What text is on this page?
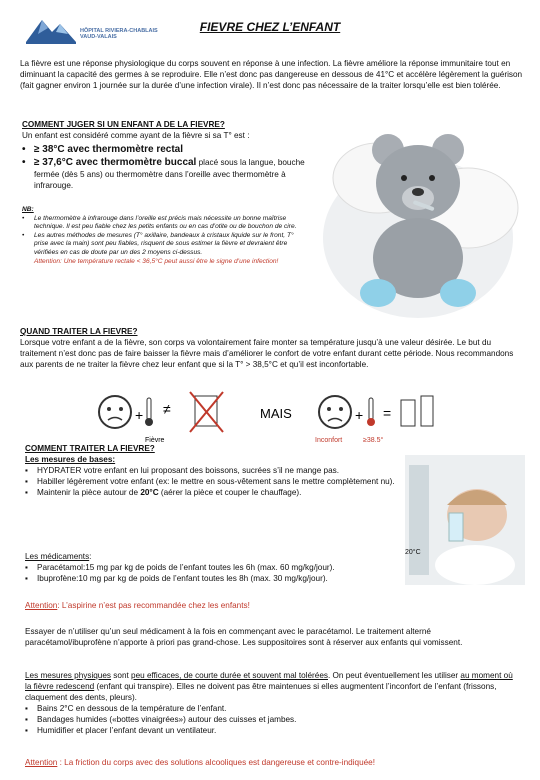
HÔPITAL RIVIERA-CHABLAIS
VAUD-VALAIS
FIEVRE CHEZ L’ENFANT

La fièvre est une réponse physiologique du corps souvent en réponse à une infection. La fièvre améliore la réponse immunitaire tout en diminuant la capacité des germes à se reproduire. Elle n’est donc pas dangereuse en dessous de 41°C et accélère légèrement la guérison (fait gagner environ 1 journée sur la durée d’une infection virale). Il n’est donc pas nécessaire de la traiter lorsqu’elle est bien tolérée.

COMMENT JUGER SI UN ENFANT A DE LA FIEVRE?
Un enfant est considéré comme ayant de la fièvre si sa T° est :
• ≥ 38°C avec thermomètre rectal
• ≥ 37,6°C avec thermomètre buccal placé sous la langue, bouche fermée (dès 5 ans) ou thermomètre dans l’oreille avec thermomètre à infrarouge.
NB:
•	Le thermomètre à infrarouge dans l’oreille est précis mais nécessite un bonne maîtrise technique. Il est peu fiable chez les petits enfants ou en cas d’otite ou de bouchon de cire.
•	Les autres méthodes de mesures (T° axillaire, bandeaux à cristaux liquide sur le front, T° prise avec la main) sont peu fiables, risquent de sous estimer la fièvre et devraient être vérifiées en cas de doute par un des 2 moyens ci-dessus.
Attention: Une température rectale < 36,5°C peut aussi être le signe d’une infection!
QUAND TRAITER LA FIEVRE?

Lorsque votre enfant a de la fièvre, son corps va volontairement faire monter sa température jusqu’à une valeur désirée. Le but du traitement n’est donc pas de faire baisser la fièvre mais d’améliorer le confort de votre enfant durant cette période. Nous recommandons aux parents de ne traiter la fièvre chez leur enfant que si la T° > 38,5°C et qu’il est inconfortable.

+ ≠	MAIS	+ =
Fièvre	Inconfort	≥38.5°
COMMENT TRAITER LA FIEVRE?
Les mesures de bases:
▪	HYDRATER votre enfant en lui proposant des boissons, sucrées s’il ne mange pas.
▪	Habiller légèrement votre enfant (ex: le mettre en sous-vêtement sans le mettre complètement nu).
▪	Maintenir la pièce autour de 20°C (aérer la pièce et couper le chauffage).
20°C
Les médicaments:
▪	Paracétamol:15 mg par kg de poids de l’enfant toutes les 6h (max. 60 mg/kg/jour).
▪	Ibuprofène:10 mg par kg de poids de l’enfant toutes les 8h (max. 30 mg/kg/jour).
Attention: L’aspirine n’est pas recommandée chez les enfants!

Essayer de n’utiliser qu’un seul médicament à la fois en commençant avec le paracétamol. Le traitement alterné paracétamol/ibuprofène n’apporte à priori pas grand-chose. Les suppositoires sont à réserver aux enfants qui vomissent.

Les mesures physiques sont peu efficaces, de courte durée et souvent mal tolérées. On peut éventuellement les utiliser au moment où la fièvre redescend (enfant qui transpire). Elles ne doivent pas être maintenues si elles augmentent l’inconfort de l’enfant (frissons, claquement des dents, pleurs).

▪	Bains 2°C en dessous de la température de l’enfant.
▪	Bandages humides («bottes vinaigrées») autour des cuisses et jambes.
▪	Humidifier et placer l’enfant devant un ventilateur.
Attention : La friction du corps avec des solutions alcooliques est dangereuse et contre-indiquée!
